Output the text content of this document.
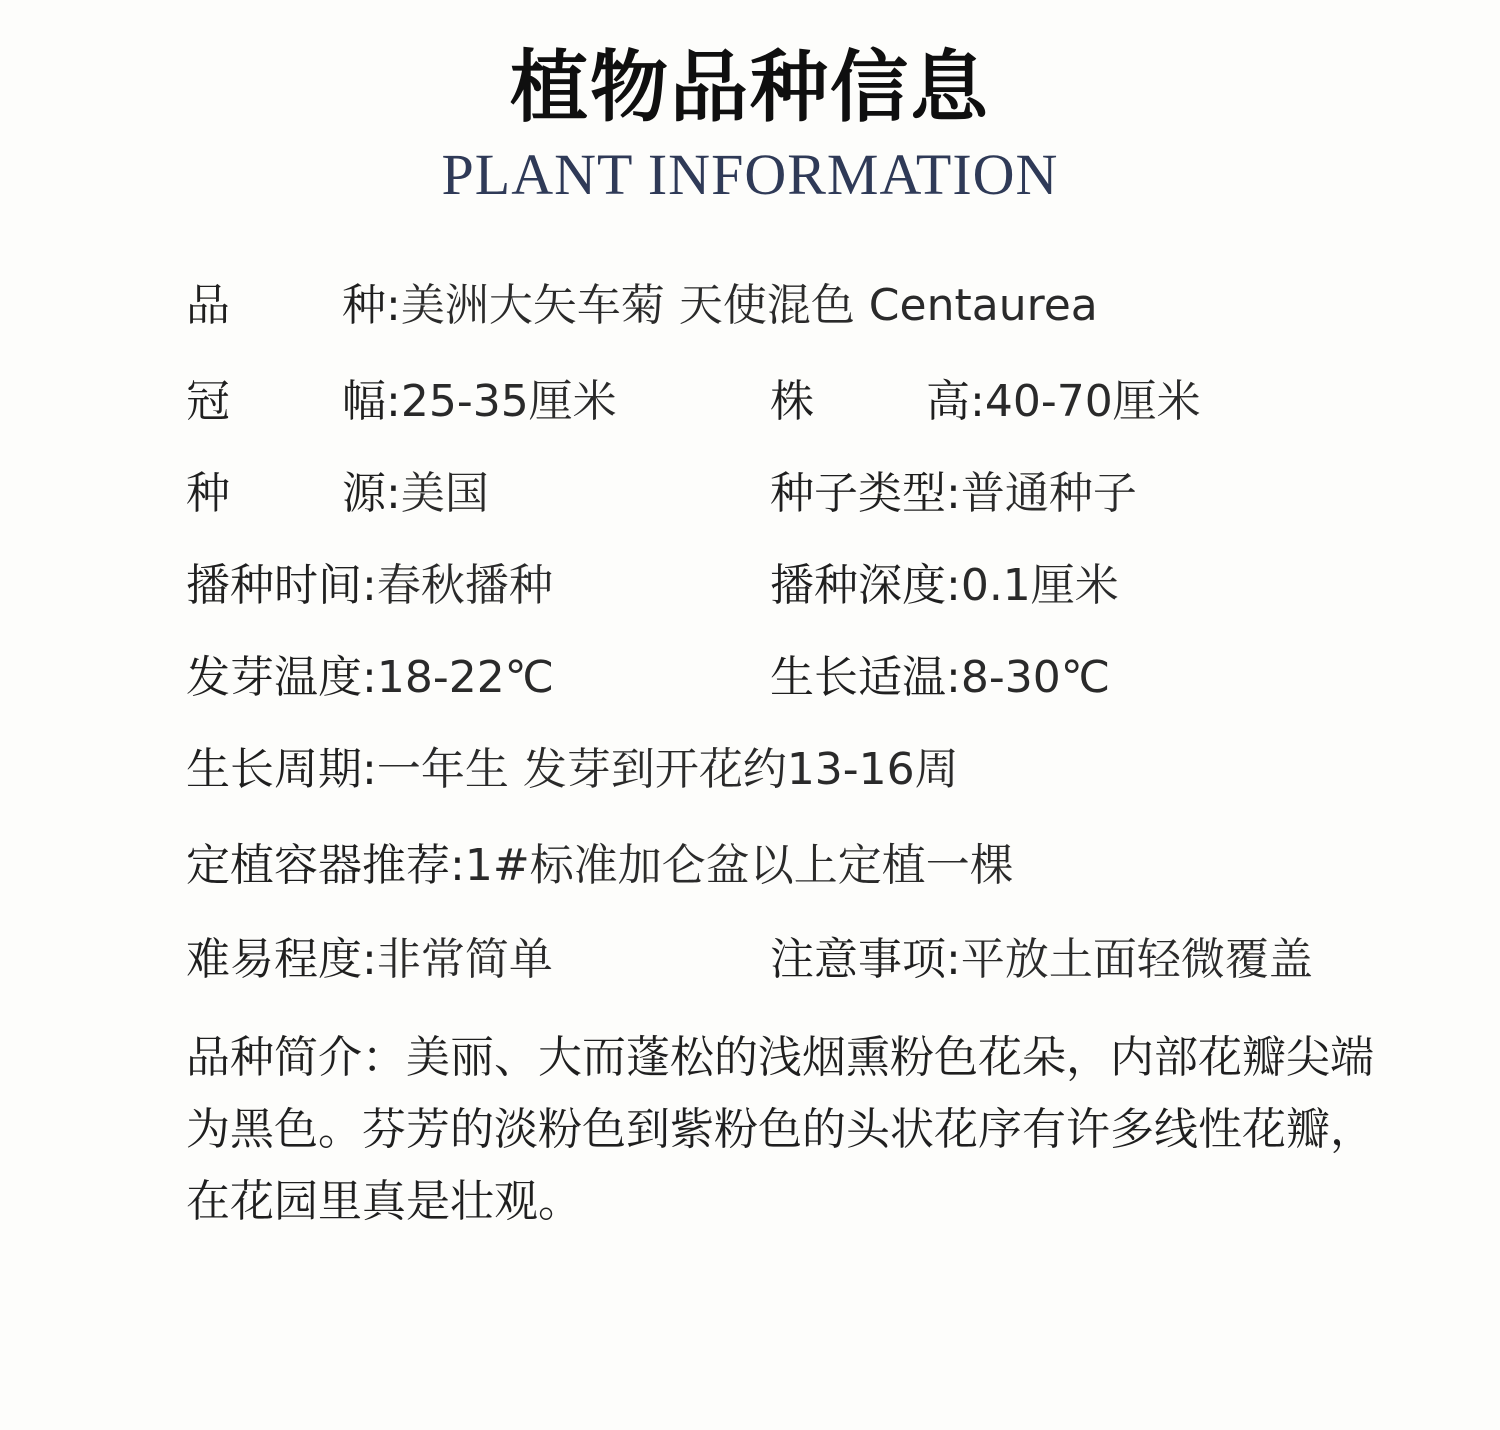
植物品种信息
PLANT INFORMATION
品　　种:美洲大矢车菊 天使混色 Centaurea
冠　　幅:25-35厘米	株　　高:40-70厘米
种　　源:美国	种子类型:普通种子
播种时间:春秋播种	播种深度:0.1厘米
发芽温度:18-22℃	生长适温:8-30℃
生长周期:一年生 发芽到开花约13-16周
定植容器推荐:1#标准加仑盆以上定植一棵
难易程度:非常简单	注意事项:平放土面轻微覆盖
品种简介：美丽、大而蓬松的浅烟熏粉色花朵，内部花瓣尖端为黑色。芬芳的淡粉色到紫粉色的头状花序有许多线性花瓣，在花园里真是壮观。
